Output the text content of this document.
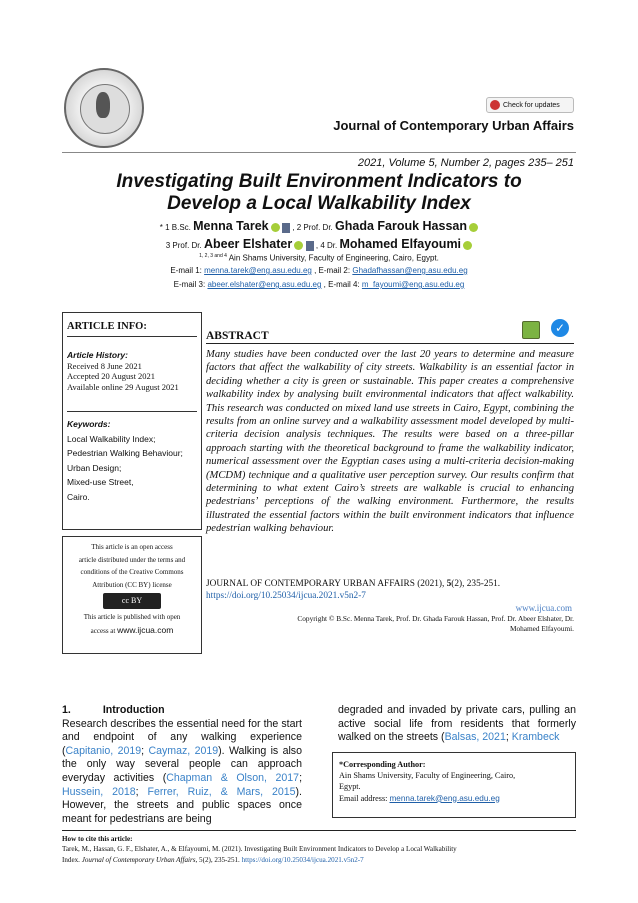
Check for updates
Journal of Contemporary Urban Affairs
2021, Volume 5, Number 2, pages 235– 251
Investigating Built Environment Indicators to
Develop a Local Walkability Index
* 1 B.Sc. Menna Tarek	, 2 Prof. Dr. Ghada Farouk Hassan
3 Prof. Dr. Abeer Elshater	, 4 Dr. Mohamed Elfayoumi
$^{1, 2, 3 and 4}$ Ain Shams University, Faculty of Engineering, Cairo, Egypt.
E-mail 1: menna.tarek@eng.asu.edu.eg , E-mail 2: Ghadafhassan@eng.asu.edu.eg
E-mail 3: abeer.elshater@eng.asu.edu.eg , E-mail 4: m_fayoumi@eng.asu.edu.eg
ARTICLE INFO:
Article History:
Received 8 June 2021
Accepted 20 August 2021
Available online 29 August 2021
Keywords:
Local Walkability Index;
Pedestrian Walking Behaviour;
Urban Design;
Mixed-use Street,
Cairo.
This article is an open access
article distributed under the terms and
conditions of the Creative Commons
Attribution (CC BY) license
cc BY
This article is published with open
access at www.ijcua.com
✓
ABSTRACT
Many studies have been conducted over the last 20 years to determine and measure factors that affect the walkability of city streets. Walkability is an essential factor in deciding whether a city is green or sustainable. This paper creates a comprehensive walkability index by analysing built environmental indicators that affect walkability. This research was conducted on mixed land use streets in Cairo, Egypt, combining the results from an online survey and a walkability assessment model developed by multi-criteria decision analysis techniques. The results were based on a three-pillar approach starting with the theoretical background to frame the walkability indicator, numerical assessment over the Egyptian cases using a multi-criteria decision-making (MCDM) technique and a qualitative user perception survey. Our results confirm that determining to what extent Cairo’s streets are walkable is crucial to enhancing pedestrians’ perceptions of the walking environment. Furthermore, the results illustrated the essential factors within the built environment indicators that influence pedestrian walking behaviour.
JOURNAL OF CONTEMPORARY URBAN AFFAIRS (2021), 5(2), 235-251.
https://doi.org/10.25034/ijcua.2021.v5n2-7
www.ijcua.com
Copyright © B.Sc. Menna Tarek, Prof. Dr. Ghada Farouk Hassan, Prof. Dr. Abeer Elshater, Dr.
Mohamed Elfayoumi.
1.	Introduction
Research describes the essential need for the start and endpoint of any walking experience (Capitanio, 2019; Caymaz, 2019). Walking is also the only way several people can approach everyday activities (Chapman & Olson, 2017; Hussein, 2018; Ferrer, Ruiz, & Mars, 2015). However, the streets and public spaces once meant for pedestrians are being
degraded and invaded by private cars, pulling an active social life from residents that formerly walked on the streets (Balsas, 2021; Krambeck
*Corresponding Author:
Ain Shams University, Faculty of Engineering, Cairo,
Egypt.
Email address: menna.tarek@eng.asu.edu.eg
How to cite this article:
Tarek, M., Hassan, G. F., Elshater, A., & Elfayoumi, M. (2021). Investigating Built Environment Indicators to Develop a Local Walkability
Index. Journal of Contemporary Urban Affairs, 5(2), 235-251. https://doi.org/10.25034/ijcua.2021.v5n2-7
